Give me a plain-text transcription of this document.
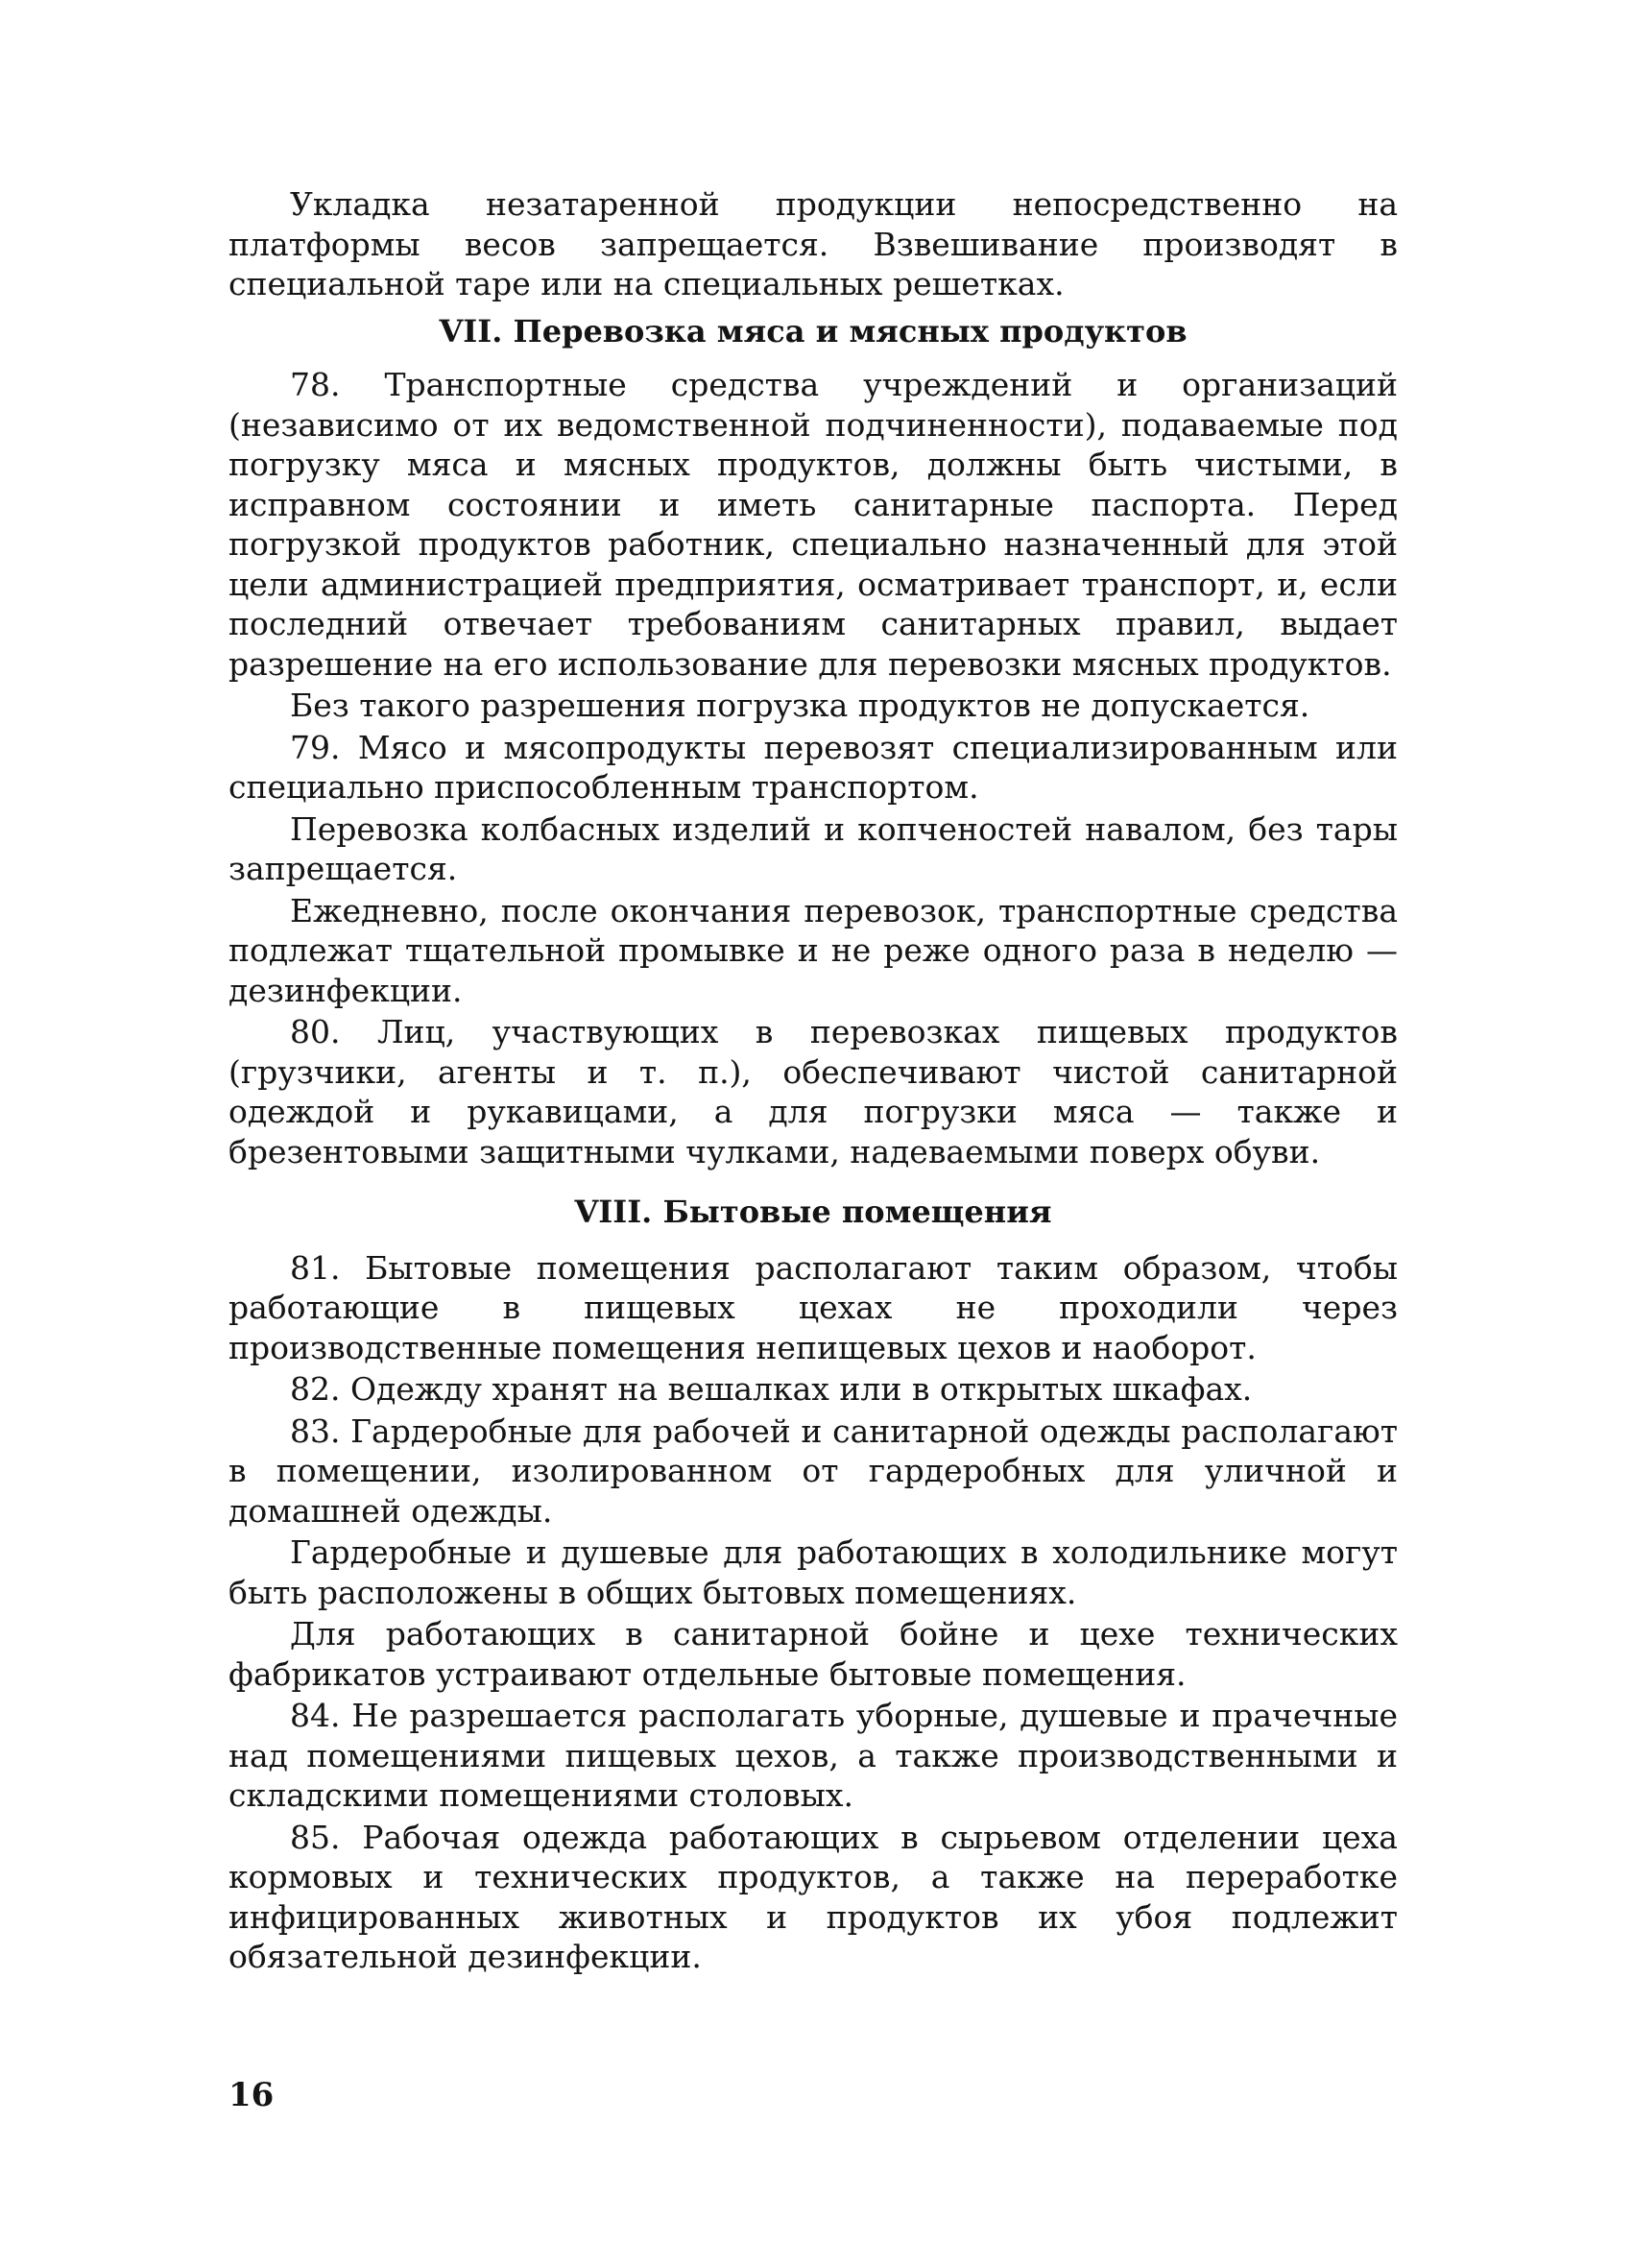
Укладка незатаренной продукции непосредственно на платформы весов запрещается. Взвешивание производят в специальной таре или на специальных решетках.

VII. Перевозка мяса и мясных продуктов

78. Транспортные средства учреждений и организаций (независимо от их ведомственной подчиненности), подаваемые под погрузку мяса и мясных продуктов, должны быть чистыми, в исправном состоянии и иметь санитарные паспорта. Перед погрузкой продуктов работник, специально назначенный для этой цели администрацией предприятия, осматривает транспорт, и, если последний отвечает требованиям санитарных правил, выдает разрешение на его использование для перевозки мясных продуктов.

Без такого разрешения погрузка продуктов не допускается.

79. Мясо и мясопродукты перевозят специализированным или специально приспособленным транспортом.

Перевозка колбасных изделий и копченостей навалом, без тары запрещается.

Ежедневно, после окончания перевозок, транспортные средства подлежат тщательной промывке и не реже одного раза в неделю — дезинфекции.

80. Лиц, участвующих в перевозках пищевых продуктов (грузчики, агенты и т. п.), обеспечивают чистой санитарной одеждой и рукавицами, а для погрузки мяса — также и брезентовыми защитными чулками, надеваемыми поверх обуви.

VIII. Бытовые помещения

81. Бытовые помещения располагают таким образом, чтобы работающие в пищевых цехах не проходили через производственные помещения непищевых цехов и наоборот.

82. Одежду хранят на вешалках или в открытых шкафах.

83. Гардеробные для рабочей и санитарной одежды располагают в помещении, изолированном от гардеробных для уличной и домашней одежды.

Гардеробные и душевые для работающих в холодильнике могут быть расположены в общих бытовых помещениях.

Для работающих в санитарной бойне и цехе технических фабрикатов устраивают отдельные бытовые помещения.

84. Не разрешается располагать уборные, душевые и прачечные над помещениями пищевых цехов, а также производственными и складскими помещениями столовых.

85. Рабочая одежда работающих в сырьевом отделении цеха кормовых и технических продуктов, а также на переработке инфицированных животных и продуктов их убоя подлежит обязательной дезинфекции.

16
